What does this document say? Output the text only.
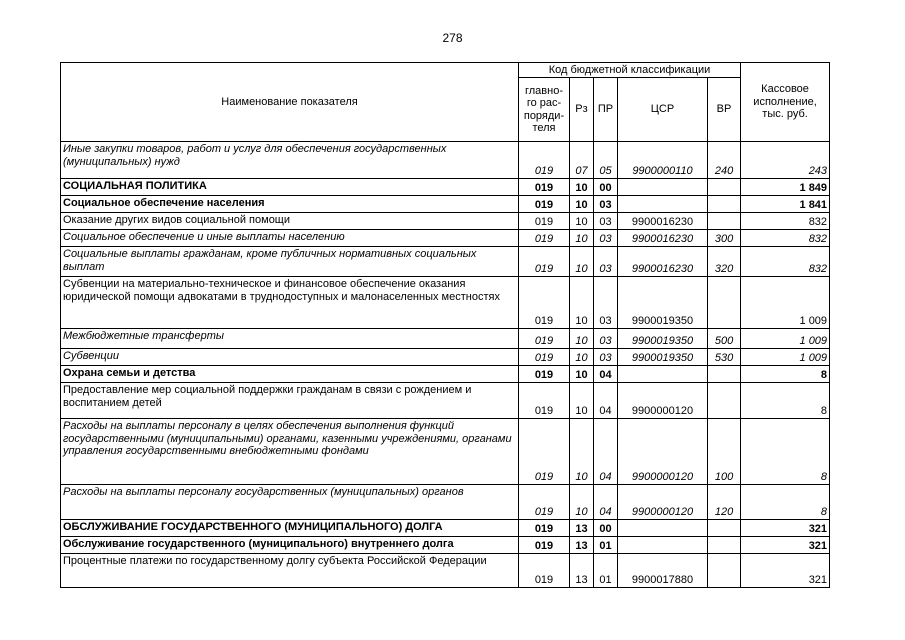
278
Наименование показателя	Код бюджетной классификации					Кассовое исполнение, тыс. руб.
	главно-го рас-поряди-теля	Рз	ПР	ЦСР	ВР	
Иные закупки товаров, работ и услуг для обеспечения государственных (муниципальных) нужд	019	07	05	9900000110	240	243
СОЦИАЛЬНАЯ ПОЛИТИКА	019	10	00			1 849
Социальное обеспечение населения	019	10	03			1 841
Оказание других видов социальной помощи	019	10	03	9900016230		832
Социальное обеспечение и иные выплаты населению	019	10	03	9900016230	300	832
Социальные выплаты гражданам, кроме публичных нормативных социальных выплат	019	10	03	9900016230	320	832
Субвенции на материально-техническое и финансовое обеспечение оказания юридической помощи адвокатами в труднодоступных и малонаселенных местностях	019	10	03	9900019350		1 009
Межбюджетные трансферты	019	10	03	9900019350	500	1 009
Субвенции	019	10	03	9900019350	530	1 009
Охрана семьи и детства	019	10	04			8
Предоставление мер социальной поддержки гражданам в связи с рождением и воспитанием детей	019	10	04	9900000120		8
Расходы на выплаты персоналу в целях обеспечения выполнения функций государственными (муниципальными) органами, казенными учреждениями, органами управления государственными внебюджетными фондами	019	10	04	9900000120	100	8
Расходы на выплаты персоналу государственных (муниципальных) органов	019	10	04	9900000120	120	8
ОБСЛУЖИВАНИЕ ГОСУДАРСТВЕННОГО (МУНИЦИПАЛЬНОГО) ДОЛГА	019	13	00			321
Обслуживание государственного (муниципального) внутреннего долга	019	13	01			321
Процентные платежи по государственному долгу субъекта Российской Федерации	019	13	01	9900017880		321
